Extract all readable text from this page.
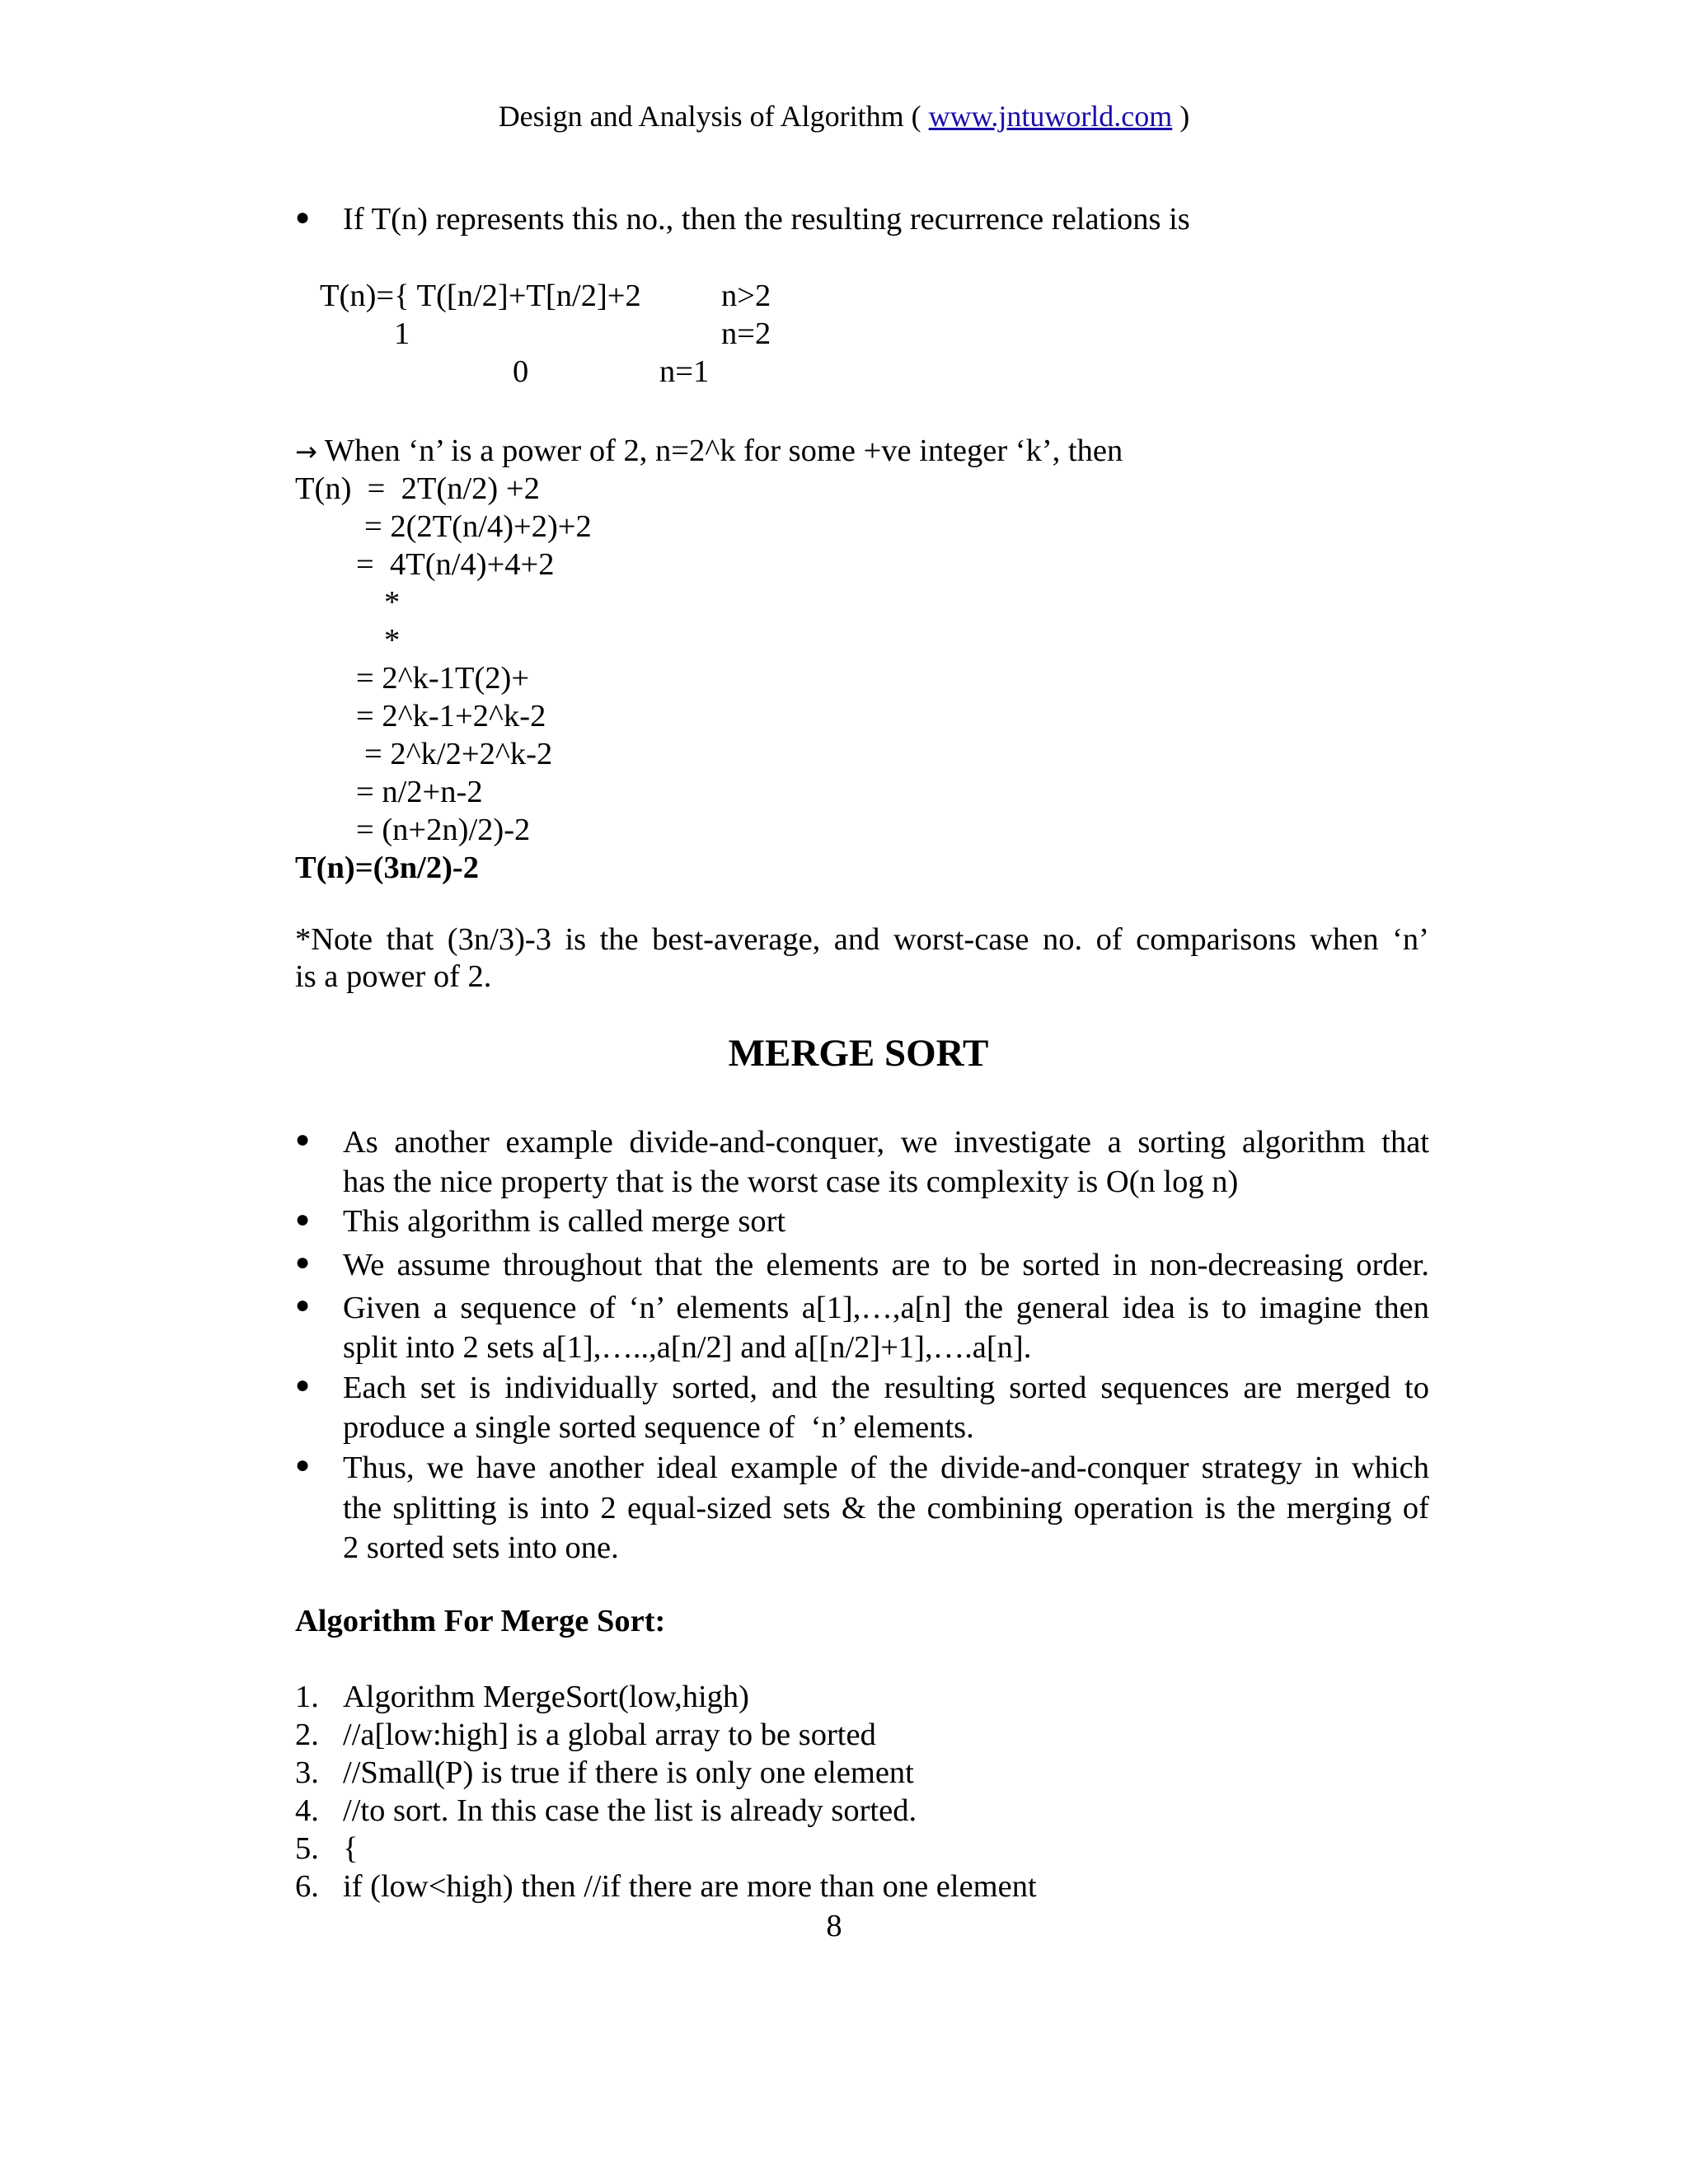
Design and Analysis of Algorithm ( www.jntuworld.com )
● If T(n) represents this no., then the resulting recurrence relations is
T(n)={ T([n/2]+T[n/2]+2	n>2
1	n=2
0	n=1
→ When ‘n’ is a power of 2, n=2^k for some +ve integer ‘k’, then
T(n)  =  2T(n/2) +2
= 2(2T(n/4)+2)+2
=  4T(n/4)+4+2
*
*
= 2^k-1T(2)+
= 2^k-1+2^k-2
= 2^k/2+2^k-2
= n/2+n-2
= (n+2n)/2)-2
T(n)=(3n/2)-2
*Note that (3n/3)-3 is the best-average, and worst-case no. of comparisons when ‘n’
is a power of 2.
MERGE SORT
● As another example divide-and-conquer, we investigate a sorting algorithm that
has the nice property that is the worst case its complexity is O(n log n)
● This algorithm is called merge sort
● We assume throughout that the elements are to be sorted in non-decreasing order.
● Given a sequence of ‘n’ elements a[1],…,a[n] the general idea is to imagine then
split into 2 sets a[1],…..,a[n/2] and a[[n/2]+1],….a[n].
● Each set is individually sorted, and the resulting sorted sequences are merged to
produce a single sorted sequence of  ‘n’ elements.
● Thus, we have another ideal example of the divide-and-conquer strategy in which
the splitting is into 2 equal-sized sets & the combining operation is the merging of
2 sorted sets into one.
Algorithm For Merge Sort:
1. Algorithm MergeSort(low,high)
2. //a[low:high] is a global array to be sorted
3. //Small(P) is true if there is only one element
4. //to sort. In this case the list is already sorted.
5. {
6. if (low<high) then //if there are more than one element
8
